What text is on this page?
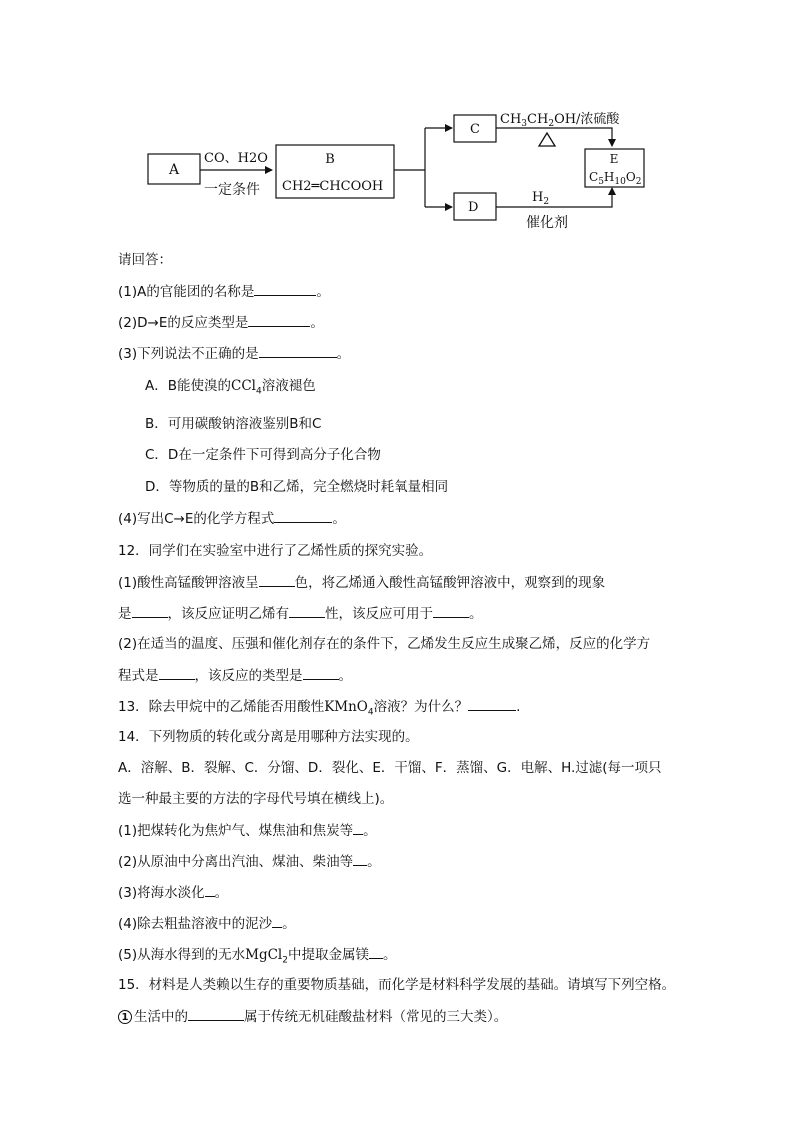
A
CO、H2O
一定条件
B
CH2═CHCOOH
C
D
$CH_3CH_2OH/$浓硫酸
$H_2$
催化剂
E
$C_5H_{10}O_2$
请回答：
(1)A的官能团的名称是	。
(2)D→E的反应类型是	。
(3)下列说法不正确的是	。
A．B能使溴的CCl$_4$溶液褪色
B．可用碳酸钠溶液鉴别B和C
C．D在一定条件下可得到高分子化合物
D．等物质的量的B和乙烯，完全燃烧时耗氧量相同
(4)写出C→E的化学方程式	。
12．同学们在实验室中进行了乙烯性质的探究实验。
(1)酸性高锰酸钾溶液呈	色，将乙烯通入酸性高锰酸钾溶液中，观察到的现象
是	，该反应证明乙烯有	性，该反应可用于	。
(2)在适当的温度、压强和催化剂存在的条件下，乙烯发生反应生成聚乙烯，反应的化学方
程式是	，该反应的类型是	。
13．除去甲烷中的乙烯能否用酸性KMnO$_4$溶液？为什么？	.
14．下列物质的转化或分离是用哪种方法实现的。
A．溶解、B．裂解、C．分馏、D．裂化、E．干馏、F．蒸馏、G．电解、H.过滤(每一项只
选一种最主要的方法的字母代号填在横线上)。
(1)把煤转化为焦炉气、煤焦油和焦炭等 。
(2)从原油中分离出汽油、煤油、柴油等 。
(3)将海水淡化 。
(4)除去粗盐溶液中的泥沙 。
(5)从海水得到的无水MgCl$_2$中提取金属镁 。
15．材料是人类赖以生存的重要物质基础，而化学是材料科学发展的基础。请填写下列空格。
1 生活中的	属于传统无机硅酸盐材料（常见的三大类）。
